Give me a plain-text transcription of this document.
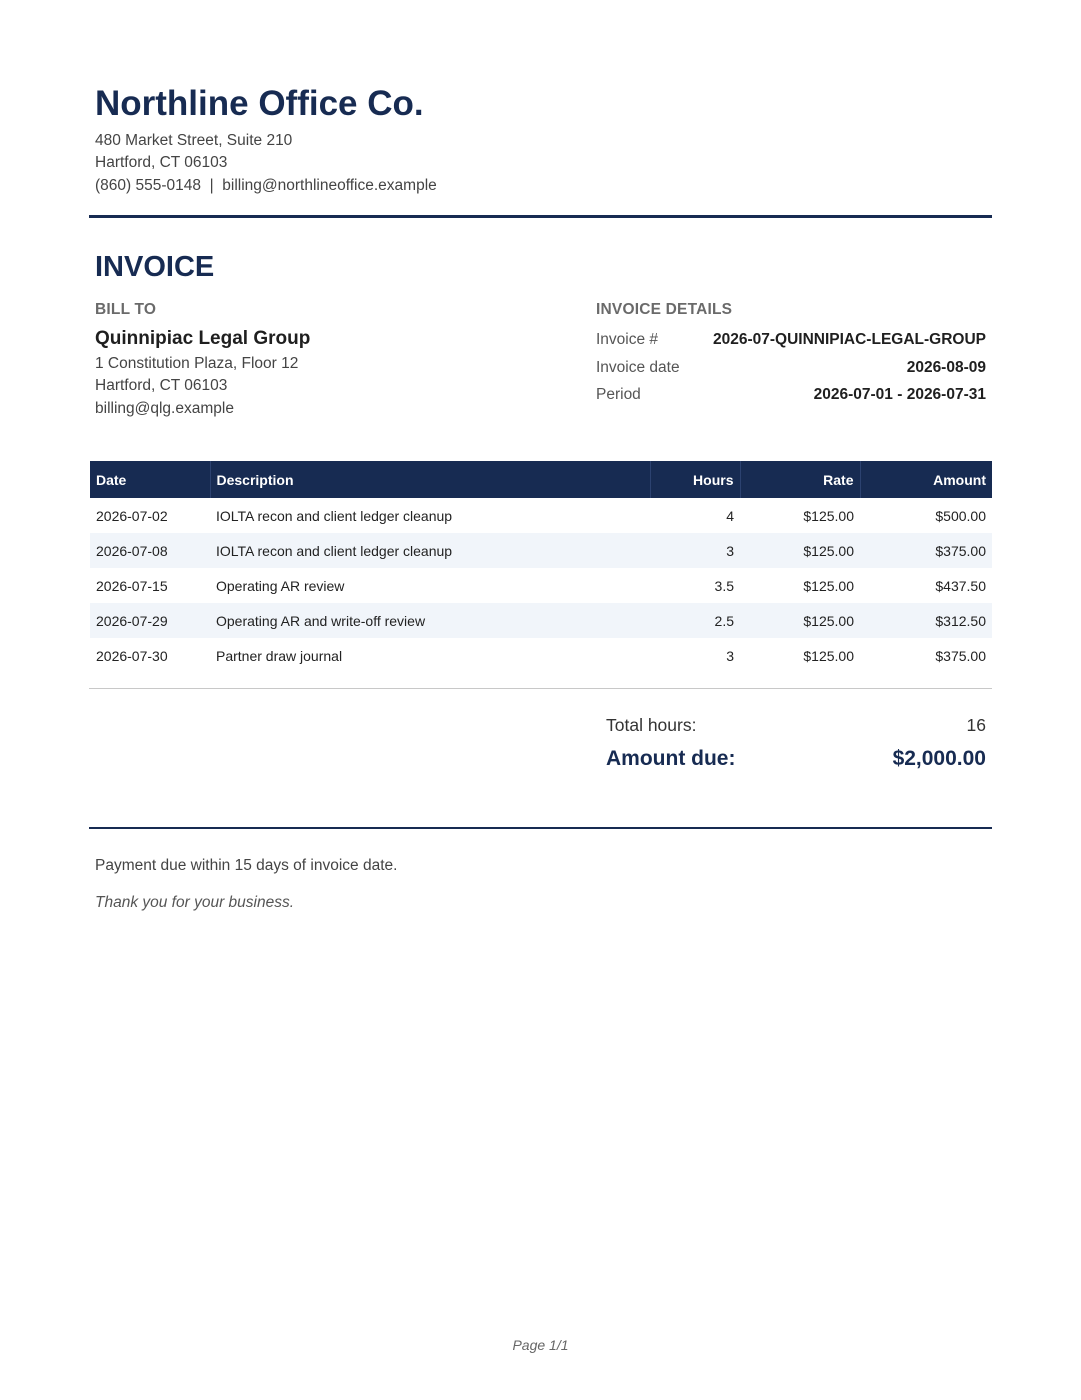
Northline Office Co.
480 Market Street, Suite 210
Hartford, CT 06103
(860) 555-0148 | billing@northlineoffice.example
INVOICE
BILL TO
Quinnipiac Legal Group
1 Constitution Plaza, Floor 12
Hartford, CT 06103
billing@qlg.example
INVOICE DETAILS
Invoice #	2026-07-QUINNIPIAC-LEGAL-GROUP
Invoice date	2026-08-09
Period	2026-07-01 - 2026-07-31
Date	Description	Hours	Rate	Amount
2026-07-02	IOLTA recon and client ledger cleanup	4	$125.00	$500.00
2026-07-08	IOLTA recon and client ledger cleanup	3	$125.00	$375.00
2026-07-15	Operating AR review	3.5	$125.00	$437.50
2026-07-29	Operating AR and write-off review	2.5	$125.00	$312.50
2026-07-30	Partner draw journal	3	$125.00	$375.00
Total hours:	16
Amount due:	$2,000.00
Payment due within 15 days of invoice date.
Thank you for your business.
Page 1/1
